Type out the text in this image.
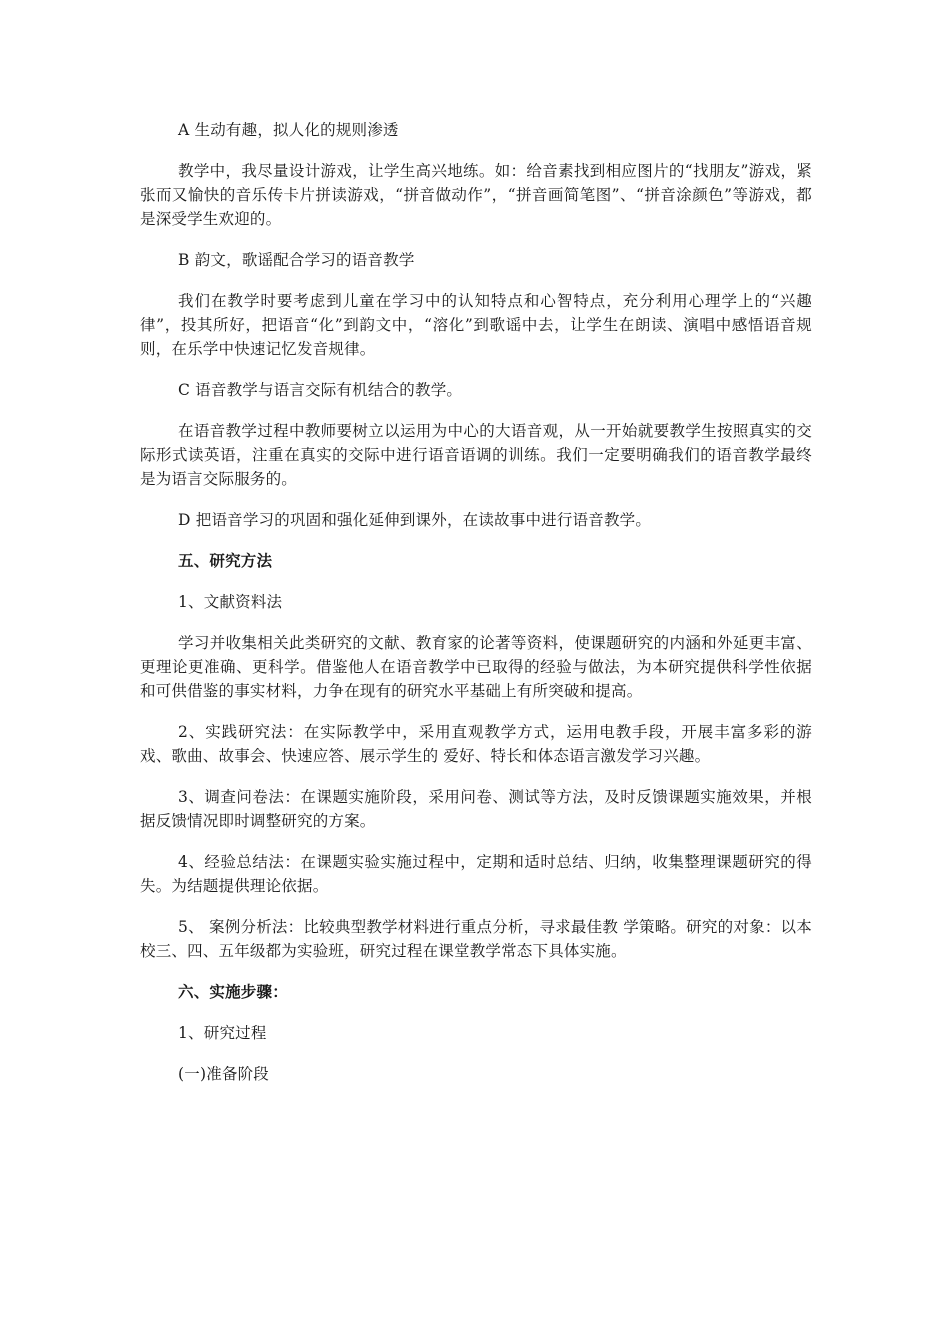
A 生动有趣，拟人化的规则渗透

教学中，我尽量设计游戏，让学生高兴地练。如：给音素找到相应图片的“找朋友”游戏，紧张而又愉快的音乐传卡片拼读游戏，“拼音做动作”，“拼音画简笔图”、“拼音涂颜色”等游戏，都是深受学生欢迎的。

B 韵文，歌谣配合学习的语音教学

我们在教学时要考虑到儿童在学习中的认知特点和心智特点，充分利用心理学上的“兴趣律”，投其所好，把语音“化”到韵文中，“溶化”到歌谣中去，让学生在朗读、演唱中感悟语音规则，在乐学中快速记忆发音规律。

C 语音教学与语言交际有机结合的教学。

在语音教学过程中教师要树立以运用为中心的大语音观，从一开始就要教学生按照真实的交际形式读英语，注重在真实的交际中进行语音语调的训练。我们一定要明确我们的语音教学最终是为语言交际服务的。

D 把语音学习的巩固和强化延伸到课外，在读故事中进行语音教学。

五、研究方法

1、文献资料法

学习并收集相关此类研究的文献、教育家的论著等资料，使课题研究的内涵和外延更丰富、更理论更准确、更科学。借鉴他人在语音教学中已取得的经验与做法，为本研究提供科学性依据和可供借鉴的事实材料，力争在现有的研究水平基础上有所突破和提高。

2、实践研究法：在实际教学中，采用直观教学方式，运用电教手段，开展丰富多彩的游戏、歌曲、故事会、快速应答、展示学生的 爱好、特长和体态语言激发学习兴趣。

3、调查问卷法：在课题实施阶段，采用问卷、测试等方法，及时反馈课题实施效果，并根据反馈情况即时调整研究的方案。

4、经验总结法：在课题实验实施过程中，定期和适时总结、归纳，收集整理课题研究的得失。为结题提供理论依据。

5、 案例分析法：比较典型教学材料进行重点分析，寻求最佳教 学策略。研究的对象：以本校三、四、五年级都为实验班，研究过程在课堂教学常态下具体实施。

六、实施步骤：

1、研究过程

(一)准备阶段
